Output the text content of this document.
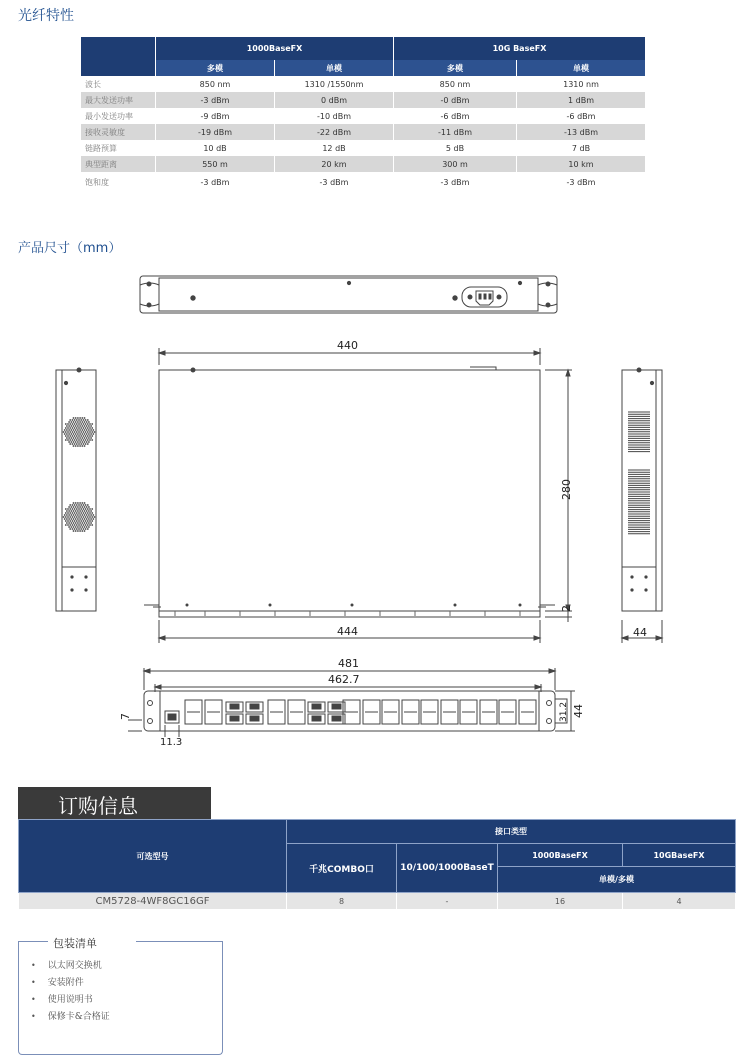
光纤特性
	1000BaseFX		10G BaseFX	
	多模	单模	多模	单模
波长	850 nm	1310 /1550nm	850 nm	1310 nm
最大发送功率	-3 dBm	0 dBm	-0 dBm	1 dBm
最小发送功率	-9 dBm	-10 dBm	-6 dBm	-6 dBm
接收灵敏度	-19 dBm	-22 dBm	-11 dBm	-13 dBm
链路预算	10 dB	12 dB	5 dB	7 dB
典型距离	550 m	20 km	300 m	10 km
饱和度	-3 dBm	-3 dBm	-3 dBm	-3 dBm
产品尺寸（mm）
440
280
2
444	44
481
462.7
7
11.3
31.2 44
订购信息
可选型号	接口类型			
	千兆COMBO口	10/100/1000BaseT	1000BaseFX	10GBaseFX
			单模/多模	
CM5728-4WF8GC16GF	8	-	16	4
包装清单
• 以太网交换机
• 安装附件
• 使用说明书
• 保修卡&合格证
